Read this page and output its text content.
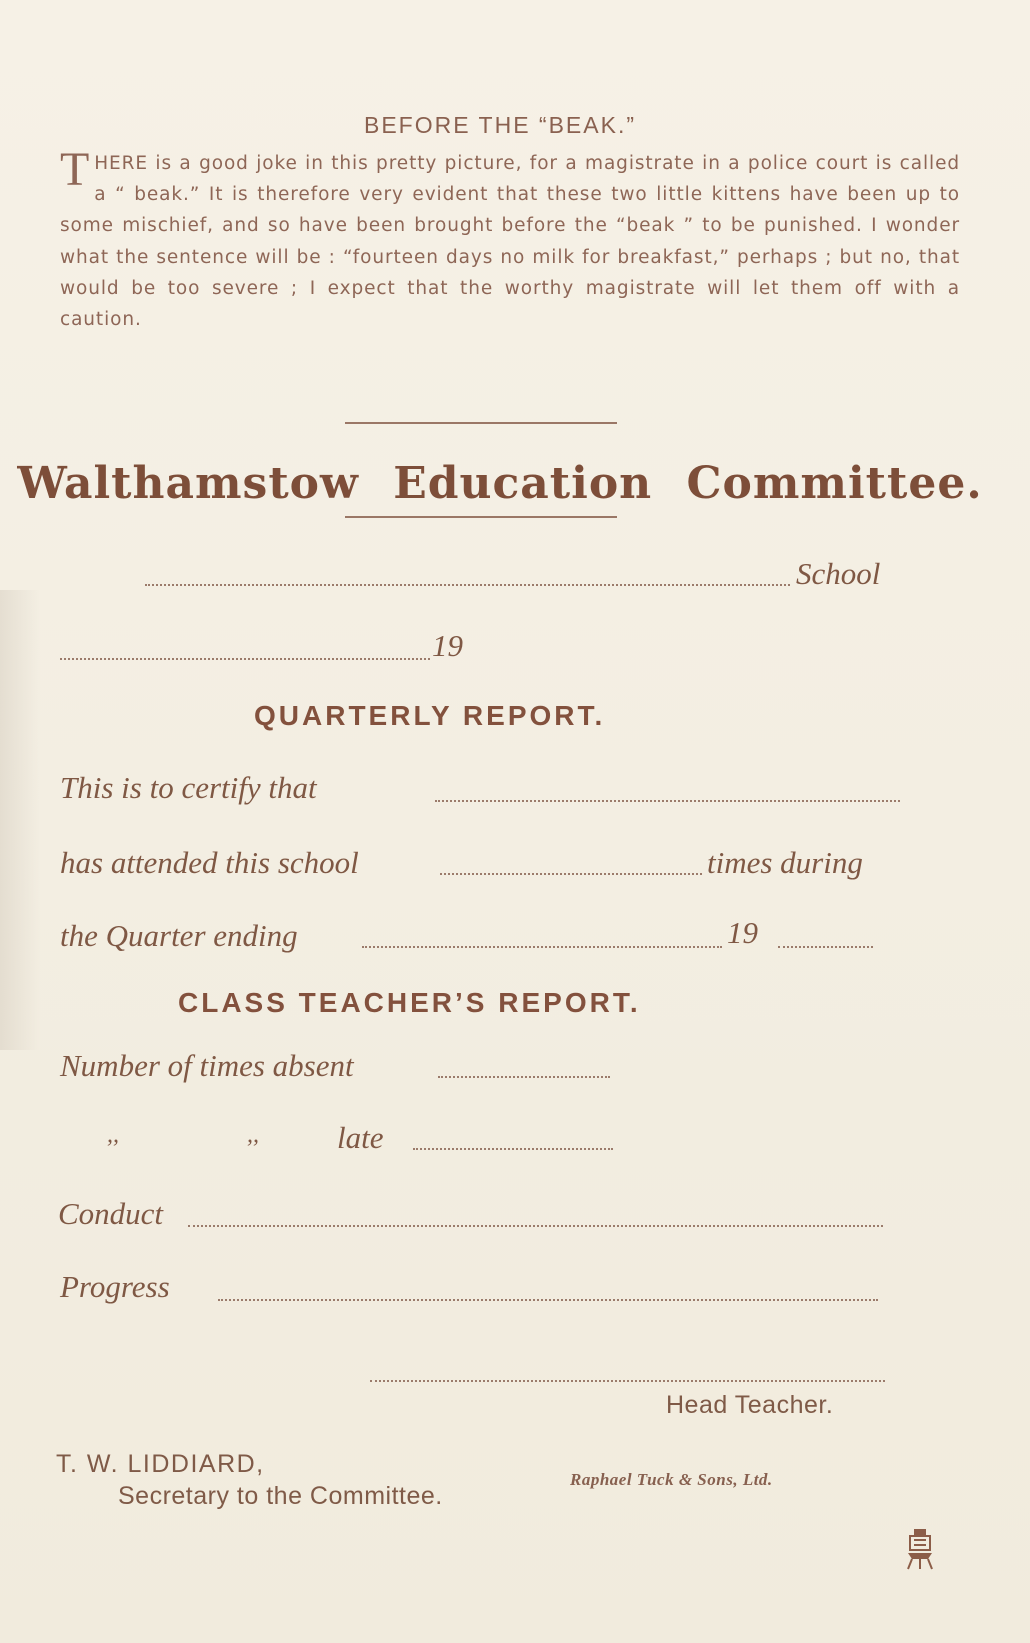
BEFORE THE “BEAK.”

THERE is a good joke in this pretty picture, for a magistrate in a police court is called a “ beak.” It is therefore very evident that these two little kittens have been up to some mischief, and so have been brought before the “beak ” to be punished. I wonder what the sentence will be : “fourteen days no milk for breakfast,” perhaps ; but no, that would be too severe ; I expect that the worthy magistrate will let them off with a caution.

Walthamstow Education Committee.

School

19

QUARTERLY REPORT.

This is to certify that

has attended this school	times during

the Quarter ending	19

CLASS TEACHER’S REPORT.

Number of times absent

,,	,,	late

Conduct

Progress

Head Teacher.

T. W. LIDDIARD,

Secretary to the Committee.

Raphael Tuck & Sons, Ltd.
